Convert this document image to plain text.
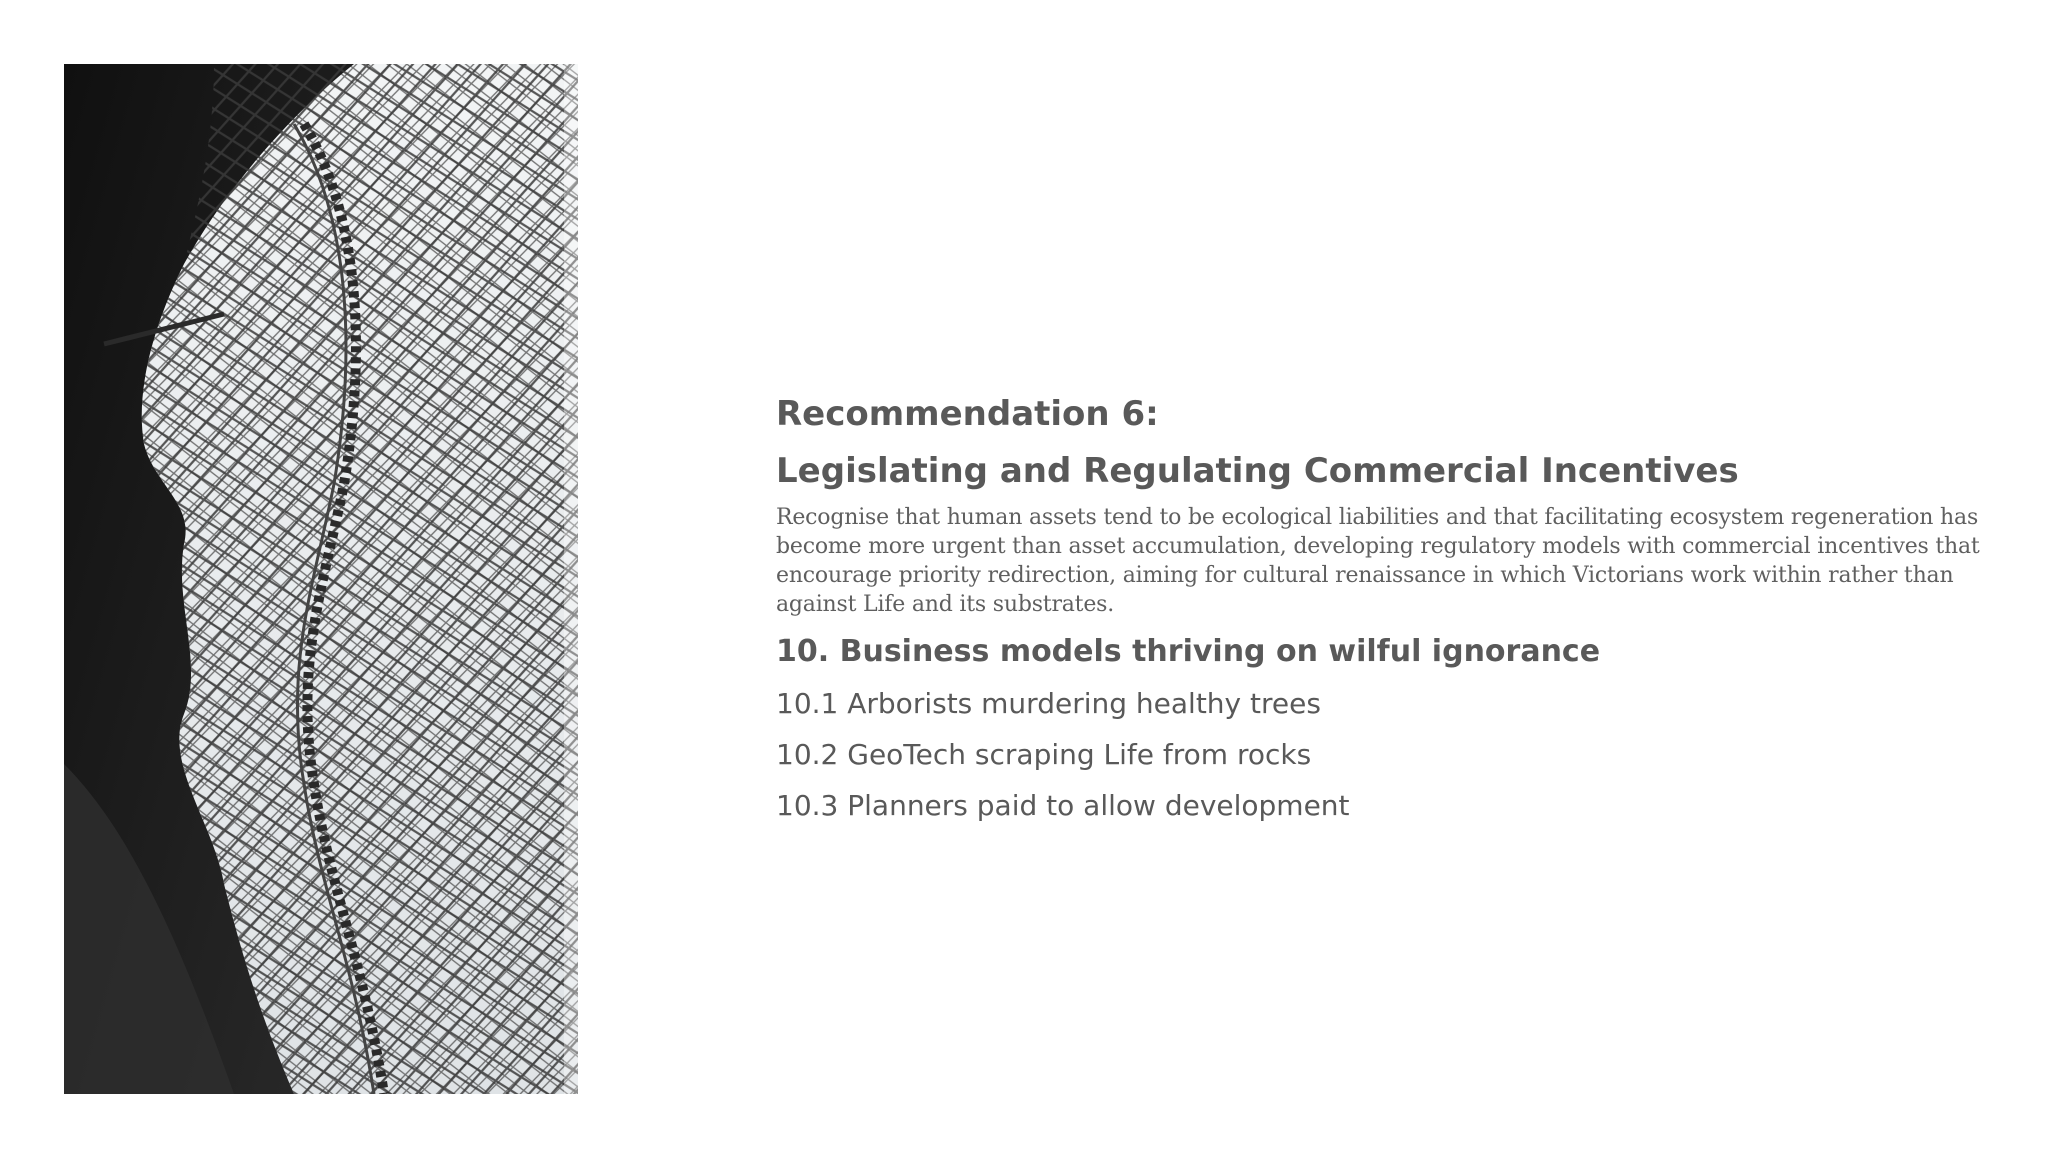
Recommendation 6:
Legislating and Regulating Commercial Incentives

Recognise that human assets tend to be ecological liabilities and that facilitating ecosystem regeneration has become more urgent than asset accumulation, developing regulatory models with commercial incentives that encourage priority redirection, aiming for cultural renaissance in which Victorians work within rather than against Life and its substrates.

10. Business models thriving on wilful ignorance
10.1 Arborists murdering healthy trees
10.2 GeoTech scraping Life from rocks
10.3 Planners paid to allow development
